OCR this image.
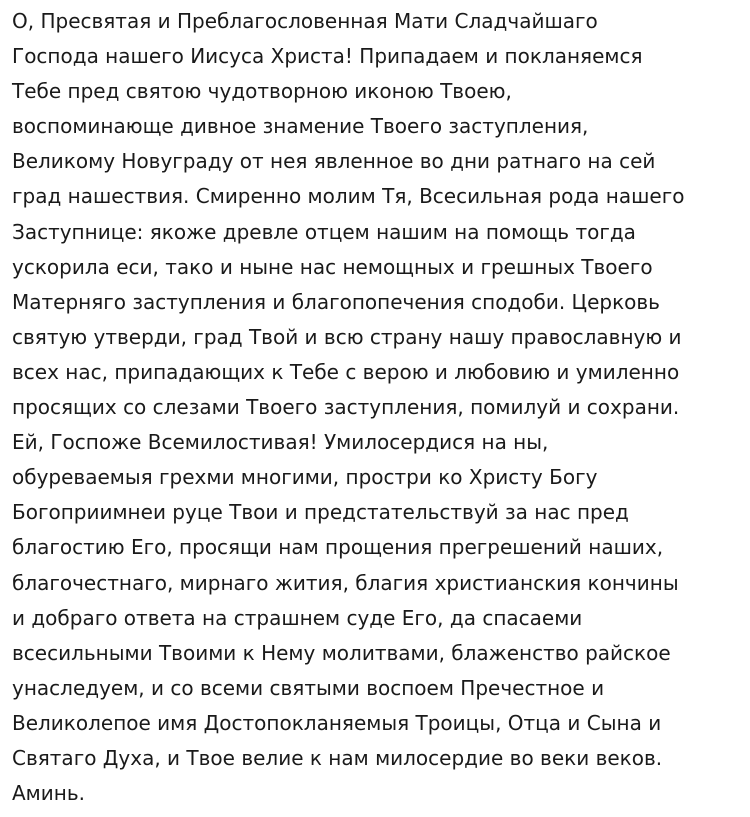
О, Пресвятая и Преблагословенная Мати Сладчайшаго
Господа нашего Иисуса Христа! Припадаем и покланяемся
Тебе пред святою чудотворною иконою Твоею,
воспоминающе дивное знамение Твоего заступления,
Великому Новуграду от нея явленное во дни ратнаго на сей
град нашествия. Смиренно молим Тя, Всесильная рода нашего
Заступнице: якоже древле отцем нашим на помощь тогда
ускорила еси, тако и ныне нас немощных и грешных Твоего
Матерняго заступления и благопопечения сподоби. Церковь
святую утверди, град Твой и всю страну нашу православную и
всех нас, припадающих к Тебе с верою и любовию и умиленно
просящих со слезами Твоего заступления, помилуй и сохрани.
Ей, Госпоже Всемилостивая! Умилосердися на ны,
обуреваемыя грехми многими, простри ко Христу Богу
Богоприимнеи руце Твои и предстательствуй за нас пред
благостию Его, просящи нам прощения прегрешений наших,
благочестнаго, мирнаго жития, благия христианския кончины
и добраго ответа на страшнем суде Его, да спасаеми
всесильными Твоими к Нему молитвами, блаженство райское
унаследуем, и со всеми святыми воспоем Пречестное и
Великолепое имя Достопокланяемыя Троицы, Отца и Сына и
Святаго Духа, и Твое велие к нам милосердие во веки веков.
Аминь.
